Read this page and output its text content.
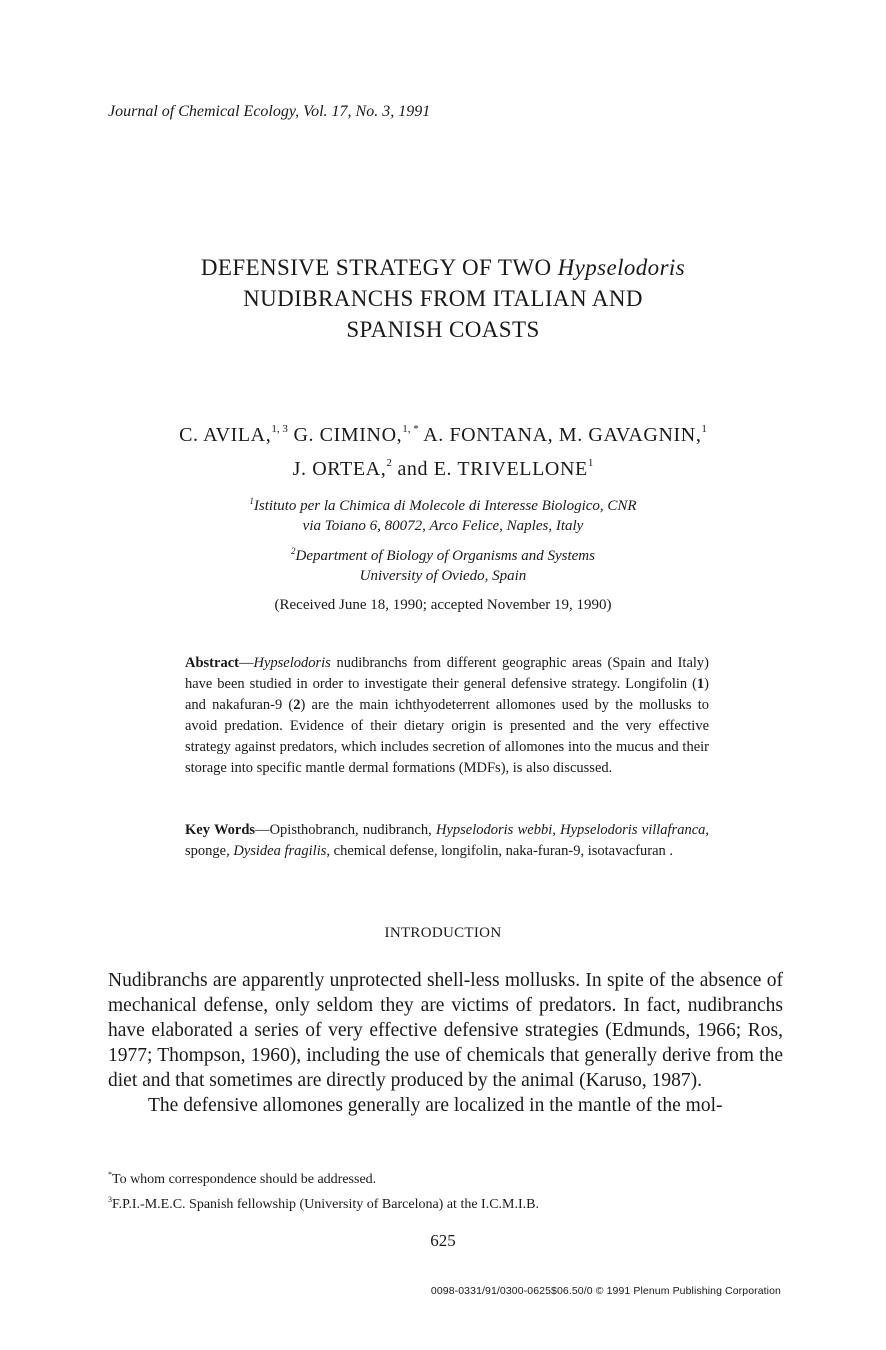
Journal of Chemical Ecology, Vol. 17, No. 3, 1991
DEFENSIVE STRATEGY OF TWO Hypselodoris
NUDIBRANCHS FROM ITALIAN AND
SPANISH COASTS
C. AVILA,$^{1, 3}$ G. CIMINO,$^{1, *}$ A. FONTANA, M. GAVAGNIN,$^1$
J. ORTEA,$^2$ and E. TRIVELLONE$^1$
$^1$Istituto per la Chimica di Molecole di Interesse Biologico, CNR
via Toiano 6, 80072, Arco Felice, Naples, Italy
$^2$Department of Biology of Organisms and Systems
University of Oviedo, Spain
(Received June 18, 1990; accepted November 19, 1990)
Abstract—Hypselodoris nudibranchs from different geographic areas (Spain and Italy) have been studied in order to investigate their general defensive strategy. Longifolin (1) and nakafuran-9 (2) are the main ichthyodeterrent allomones used by the mollusks to avoid predation. Evidence of their dietary origin is presented and the very effective strategy against predators, which includes secretion of allomones into the mucus and their storage into specific mantle dermal formations (MDFs), is also discussed.
Key Words—Opisthobranch, nudibranch, Hypselodoris webbi, Hypselodoris villafranca, sponge, Dysidea fragilis, chemical defense, longifolin, naka-furan-9, isotavacfuran .
INTRODUCTION

Nudibranchs are apparently unprotected shell-less mollusks. In spite of the absence of mechanical defense, only seldom they are victims of predators. In fact, nudibranchs have elaborated a series of very effective defensive strategies (Edmunds, 1966; Ros, 1977; Thompson, 1960), including the use of chemicals that generally derive from the diet and that sometimes are directly produced by the animal (Karuso, 1987).

The defensive allomones generally are localized in the mantle of the mol-

*To whom correspondence should be addressed.
$^3$F.P.I.-M.E.C. Spanish fellowship (University of Barcelona) at the I.C.M.I.B.
625
0098-0331/91/0300-0625$06.50/0 © 1991 Plenum Publishing Corporation
